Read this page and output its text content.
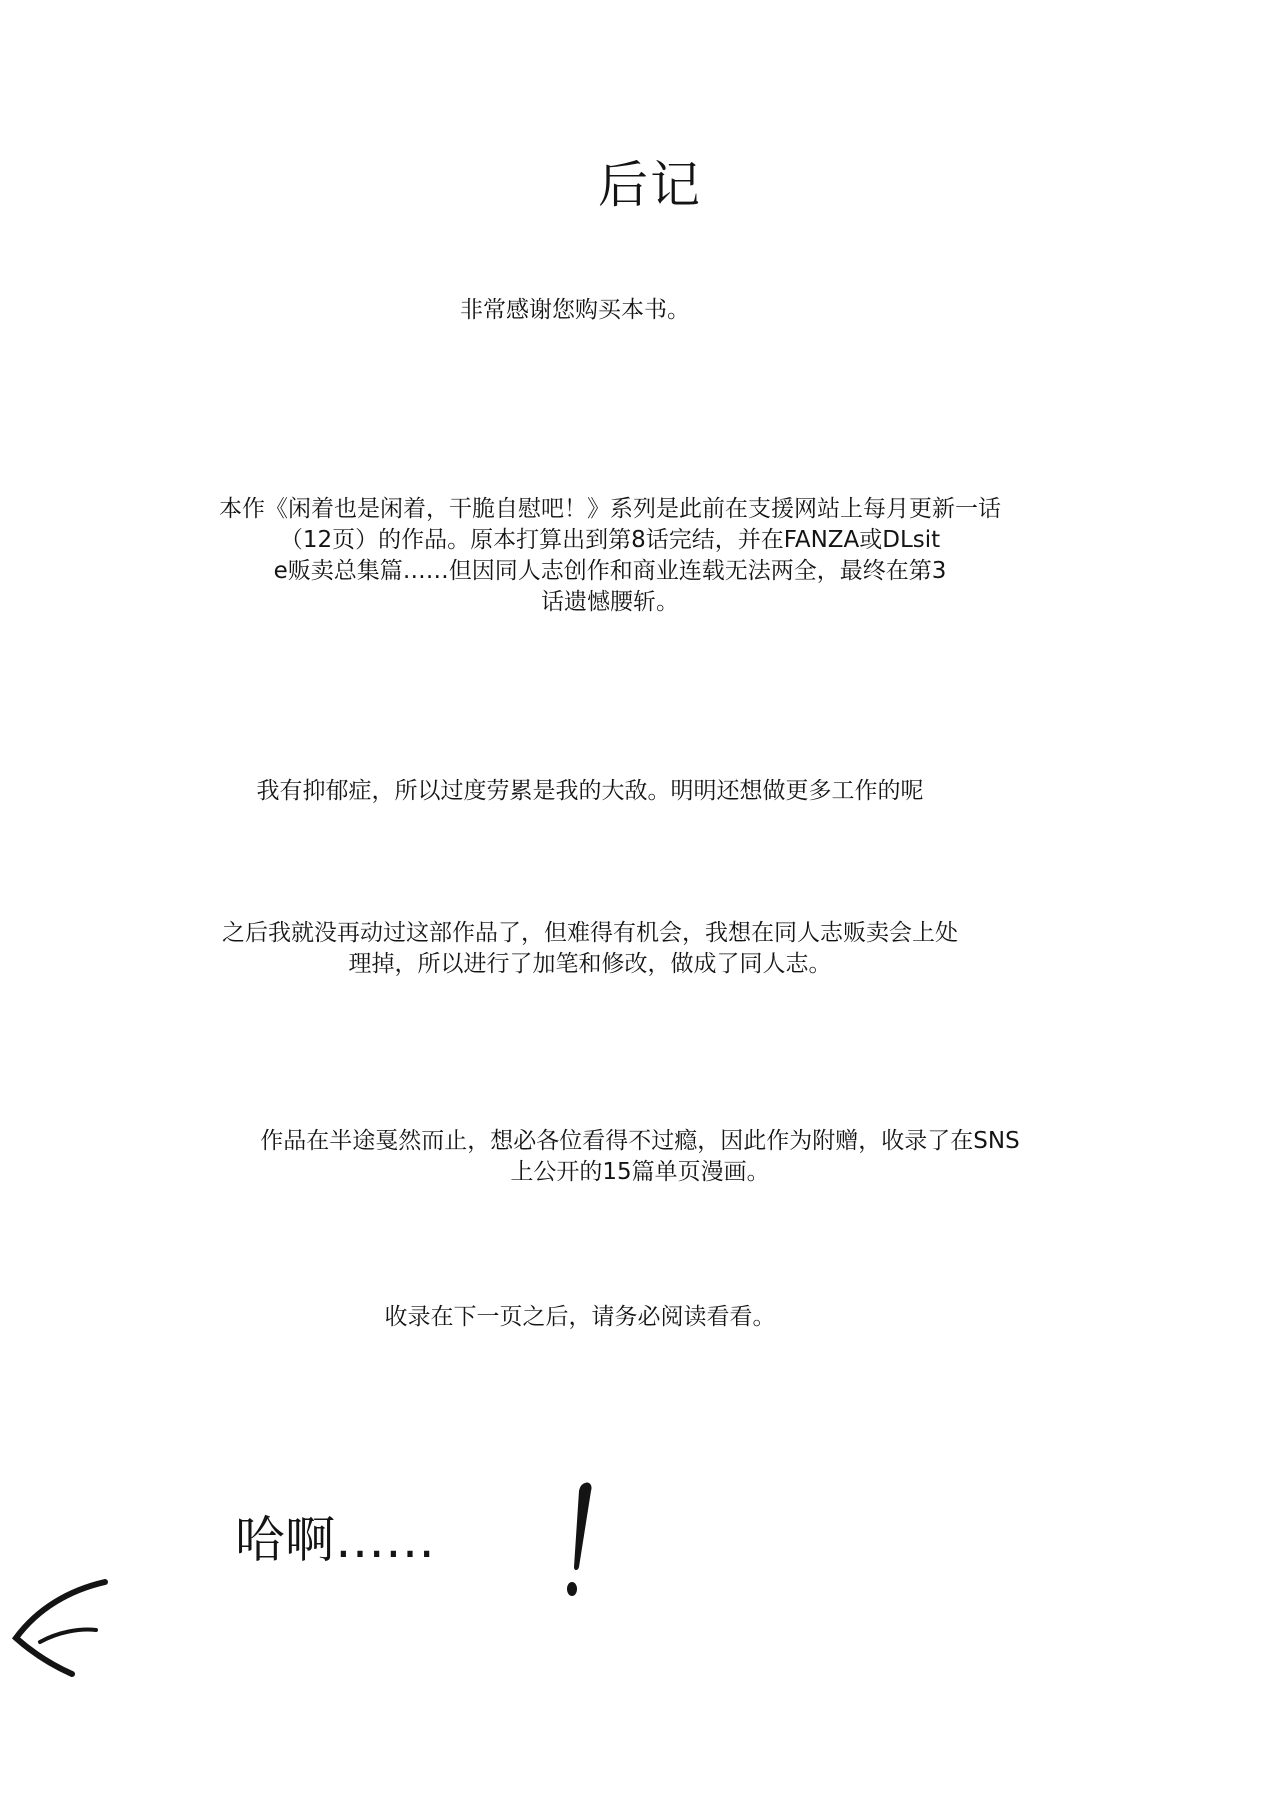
后记
非常感谢您购买本书。
本作《闲着也是闲着，干脆自慰吧！》系列是此前在支援网站上每月更新一话
（12页）的作品。原本打算出到第8话完结，并在FANZA或DLsit
e贩卖总集篇……但因同人志创作和商业连载无法两全，最终在第3
话遗憾腰斩。
我有抑郁症，所以过度劳累是我的大敌。明明还想做更多工作的呢
之后我就没再动过这部作品了，但难得有机会，我想在同人志贩卖会上处
理掉，所以进行了加笔和修改，做成了同人志。
作品在半途戛然而止，想必各位看得不过瘾，因此作为附赠，收录了在SNS
上公开的15篇单页漫画。
收录在下一页之后，请务必阅读看看。
哈啊……
